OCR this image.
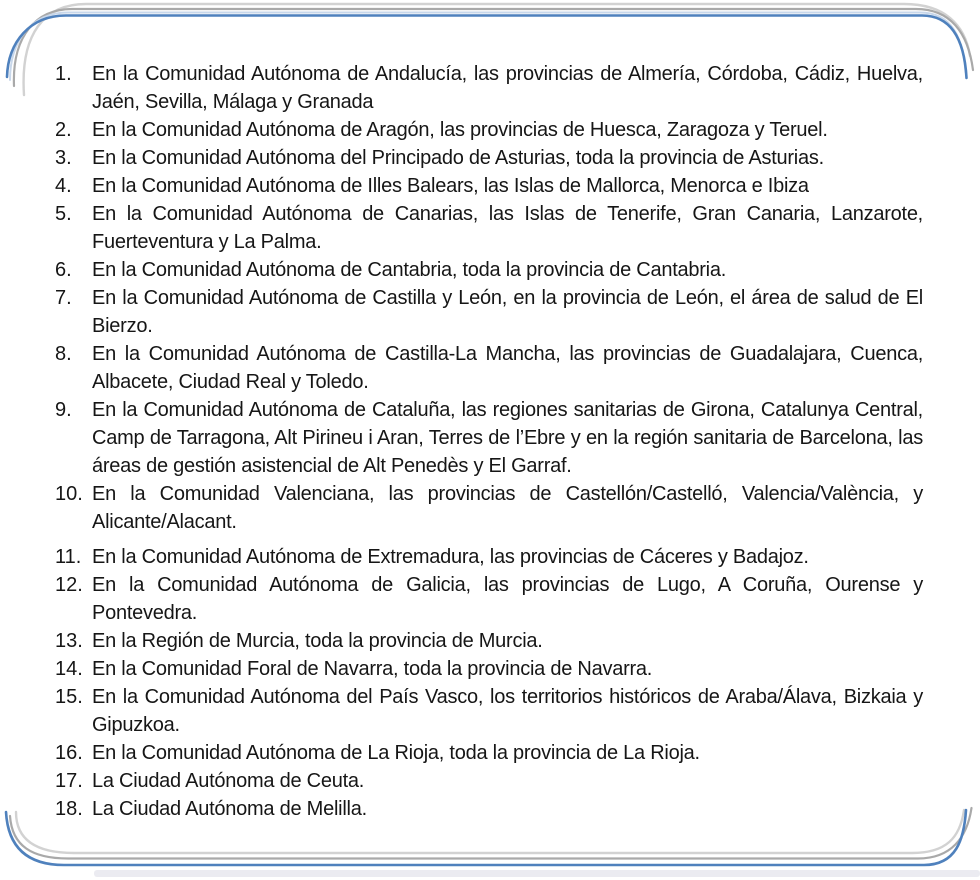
1. En la Comunidad Autónoma de Andalucía, las provincias de Almería, Córdoba, Cádiz, Huelva, Jaén, Sevilla, Málaga y Granada
2. En la Comunidad Autónoma de Aragón, las provincias de Huesca, Zaragoza y Teruel.
3. En la Comunidad Autónoma del Principado de Asturias, toda la provincia de Asturias.
4. En la Comunidad Autónoma de Illes Balears, las Islas de Mallorca, Menorca e Ibiza
5. En la Comunidad Autónoma de Canarias, las Islas de Tenerife, Gran Canaria, Lanzarote, Fuerteventura y La Palma.
6. En la Comunidad Autónoma de Cantabria, toda la provincia de Cantabria.
7. En la Comunidad Autónoma de Castilla y León, en la provincia de León, el área de salud de El Bierzo.
8. En la Comunidad Autónoma de Castilla-La Mancha, las provincias de Guadalajara, Cuenca, Albacete, Ciudad Real y Toledo.
9. En la Comunidad Autónoma de Cataluña, las regiones sanitarias de Girona, Catalunya Central, Camp de Tarragona, Alt Pirineu i Aran, Terres de l’Ebre y en la región sanitaria de Barcelona, las áreas de gestión asistencial de Alt Penedès y El Garraf.
10. En la Comunidad Valenciana, las provincias de Castellón/Castelló, Valencia/València, y Alicante/Alacant.
11. En la Comunidad Autónoma de Extremadura, las provincias de Cáceres y Badajoz.
12. En la Comunidad Autónoma de Galicia, las provincias de Lugo, A Coruña, Ourense y Pontevedra.
13. En la Región de Murcia, toda la provincia de Murcia.
14. En la Comunidad Foral de Navarra, toda la provincia de Navarra.
15. En la Comunidad Autónoma del País Vasco, los territorios históricos de Araba/Álava, Bizkaia y Gipuzkoa.
16. En la Comunidad Autónoma de La Rioja, toda la provincia de La Rioja.
17. La Ciudad Autónoma de Ceuta.
18. La Ciudad Autónoma de Melilla.
